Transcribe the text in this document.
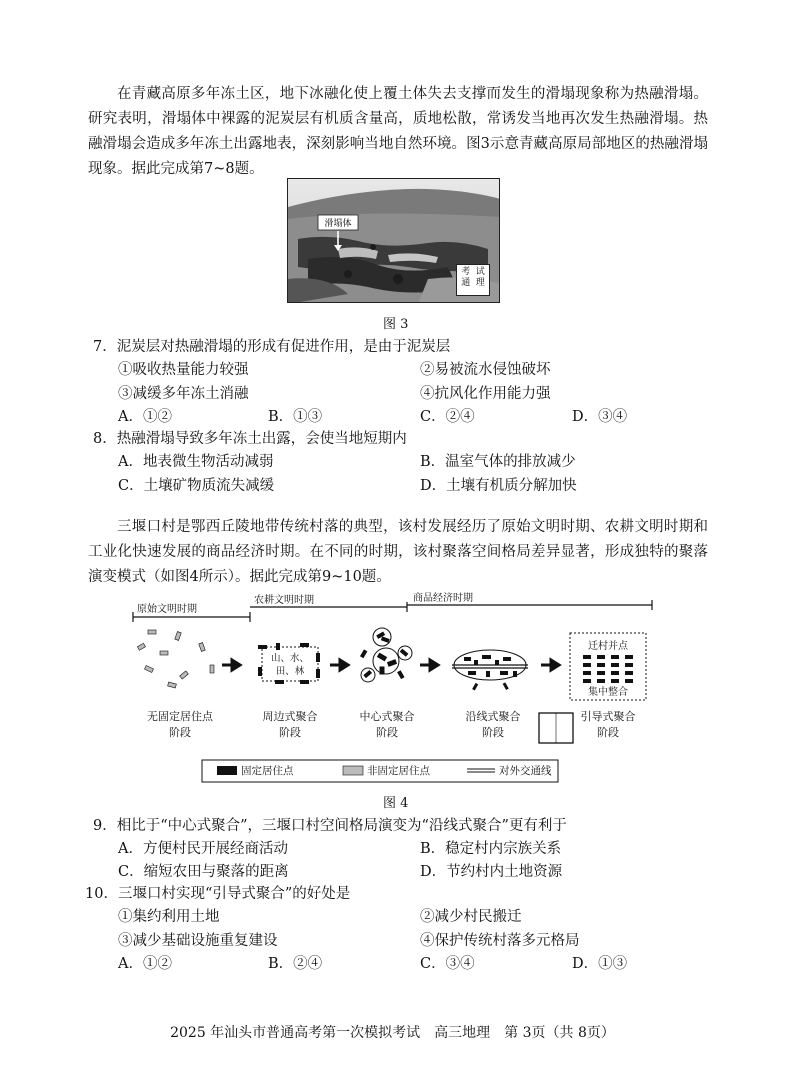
在青藏高原多年冻土区，地下冰融化使上覆土体失去支撑而发生的滑塌现象称为热融滑塌。研究表明，滑塌体中裸露的泥炭层有机质含量高，质地松散，常诱发当地再次发生热融滑塌。热融滑塌会造成多年冻土出露地表，深刻影响当地自然环境。图3示意青藏高原局部地区的热融滑塌现象。据此完成第7~8题。
滑塌体
考 试
通 理
图 3
7．泥炭层对热融滑塌的形成有促进作用，是由于泥炭层
①吸收热量能力较强	②易被流水侵蚀破坏
③减缓多年冻土消融	④抗风化作用能力强
A．①②	B．①③	C．②④	D．③④
8．热融滑塌导致多年冻土出露，会使当地短期内
A．地表微生物活动减弱	B．温室气体的排放减少
C．土壤矿物质流失减缓	D．土壤有机质分解加快
三堰口村是鄂西丘陵地带传统村落的典型，该村发展经历了原始文明时期、农耕文明时期和工业化快速发展的商品经济时期。在不同的时期，该村聚落空间格局差异显著，形成独特的聚落演变模式（如图4所示）。据此完成第9~10题。
原始文明时期
农耕文明时期	商品经济时期
山、水、
田、林
迁村并点
集中整合
无固定居住点
阶段
周边式聚合
阶段
中心式聚合
阶段
沿线式聚合
阶段
引导式聚合
阶段
固定居住点	非固定居住点	对外交通线
图 4
9．相比于“中心式聚合”，三堰口村空间格局演变为“沿线式聚合”更有利于
A．方便村民开展经商活动	B．稳定村内宗族关系
C．缩短农田与聚落的距离	D．节约村内土地资源
10．三堰口村实现“引导式聚合”的好处是
①集约利用土地	②减少村民搬迁
③减少基础设施重复建设	④保护传统村落多元格局
A．①②	B．②④	C．③④	D．①③
2025 年汕头市普通高考第一次模拟考试　高三地理　第 3页（共 8页）
